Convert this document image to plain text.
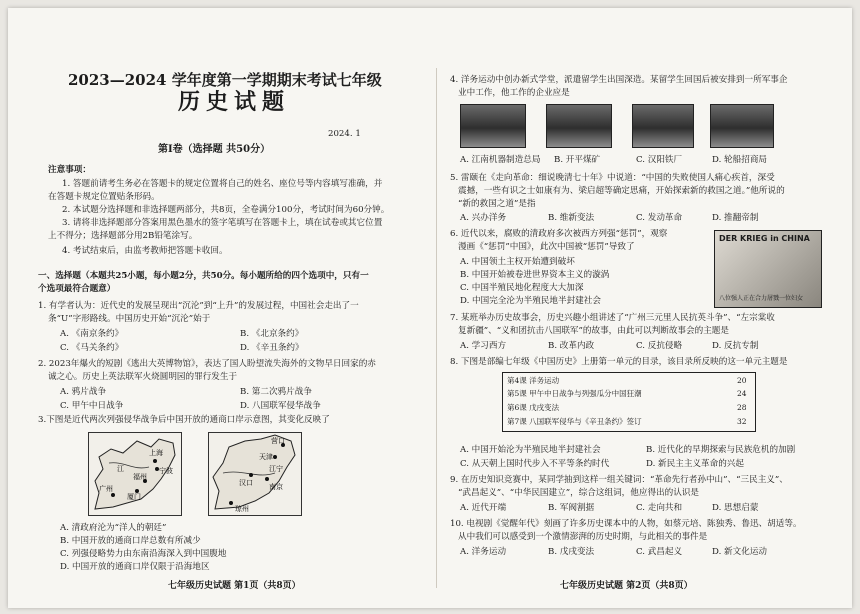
2023—2024 学年度第一学期期末考试七年级
历史试题
2024. 1
第Ⅰ卷（选择题 共50分）
注意事项：
1. 答题前请考生务必在答题卡的规定位置将自己的姓名、座位号等内容填写准确，并
在答题卡规定位置贴条形码。
2. 本试题分选择题和非选择题两部分，共8页，全卷满分100分，考试时间为60分钟。
3. 请将非选择题部分答案用黑色墨水的签字笔填写在答题卡上，填在试卷或其它位置
上不得分；选择题部分用2B铅笔涂写。
4. 考试结束后，由监考教师把答题卡收回。
一、选择题（本题共25小题，每小题2分，共50分。每小题所给的四个选项中，只有一
个选项最符合题意）
1. 有学者认为：近代史的发展呈现出“沉沦”到“上升”的发展过程，中国社会走出了一
条“U”字形路线。中国历史开始“沉沦”始于
A. 《南京条约》	B. 《北京条约》
C. 《马关条约》	D. 《辛丑条约》
2. 2023年爆火的短剧《逃出大英博物馆》，表达了国人盼望流失海外的文物早日回家的赤
诚之心。历史上英法联军火烧圆明园的罪行发生于
A. 鸦片战争	B. 第二次鸦片战争
C. 甲午中日战争	D. 八国联军侵华战争
3.下图是近代两次列强侵华战争后中国开放的通商口岸示意图，其变化反映了
上海
宁波
福州
厦门
广州
江
营口
天津
汉口 南京
江宁
琼州
A. 清政府沦为“洋人的朝廷”
B. 中国开放的通商口岸总数有所减少
C. 列强侵略势力由东南沿海深入到中国腹地
D. 中国开放的通商口岸仅限于沿海地区
七年级历史试题 第1页（共8页）
4. 洋务运动中创办新式学堂，派遣留学生出国深造。某留学生回国后被安排到一所军事企
业中工作，他工作的企业应是
A. 江南机器制造总局 B. 开平煤矿	C. 汉阳铁厂	D. 轮船招商局
5. 雷颐在《走向革命：细说晚清七十年》中说道：“中国的失败使国人痛心疾首，深受
震撼，一些有识之士如康有为、梁启超等确定思痛，开始探索新的救国之道。”他所说的
“新的救国之道”是指
A. 兴办洋务	B. 维新变法	C. 发动革命	D. 推翻帝制
6. 近代以来，腐败的清政府多次被西方列强“惩罚”，观察
漫画《“惩罚”中国》，此次中国被“惩罚”导致了
A. 中国领土主权开始遭到破坏
B. 中国开始被卷进世界资本主义的漩涡
C. 中国半殖民地化程度大大加深
D. 中国完全沦为半殖民地半封建社会
DER KRIEG in CHINA
八位强人正在合力屠戮一位妇女
7. 某班举办历史故事会，历史兴趣小组讲述了“广州三元里人民抗英斗争”、“左宗棠收
复新疆”、“义和团抗击八国联军”的故事，由此可以判断故事会的主题是
A. 学习西方	B. 改革内政	C. 反抗侵略	D. 反抗专制
8. 下图是部编七年级《中国历史》上册第一单元的目录，该目录所反映的这一单元主题是
第4课 洋务运动	20
第5课 甲午中日战争与列强瓜分中国狂潮	24
第6课 戊戌变法	28
第7课 八国联军侵华与《辛丑条约》签订	32
A. 中国开始沦为半殖民地半封建社会	B. 近代化的早期探索与民族危机的加剧
C. 从天朝上国时代步入不平等条约时代	D. 新民主主义革命的兴起
9. 在历史知识竞赛中，某同学抽到这样一组关键词：“革命先行者孙中山”、“三民主义”、
“武昌起义”、“中华民国建立”，综合这组词，他应得出的认识是
A. 近代开端	B. 军阀割据	C. 走向共和	D. 思想启蒙
10. 电视剧《觉醒年代》刻画了许多历史课本中的人物，如蔡元培、陈独秀、鲁迅、胡适等。
从中我们可以感受到一个激情澎湃的历史时期，与此相关的事件是
A. 洋务运动	B. 戊戌变法	C. 武昌起义	D. 新文化运动
七年级历史试题 第2页（共8页）
